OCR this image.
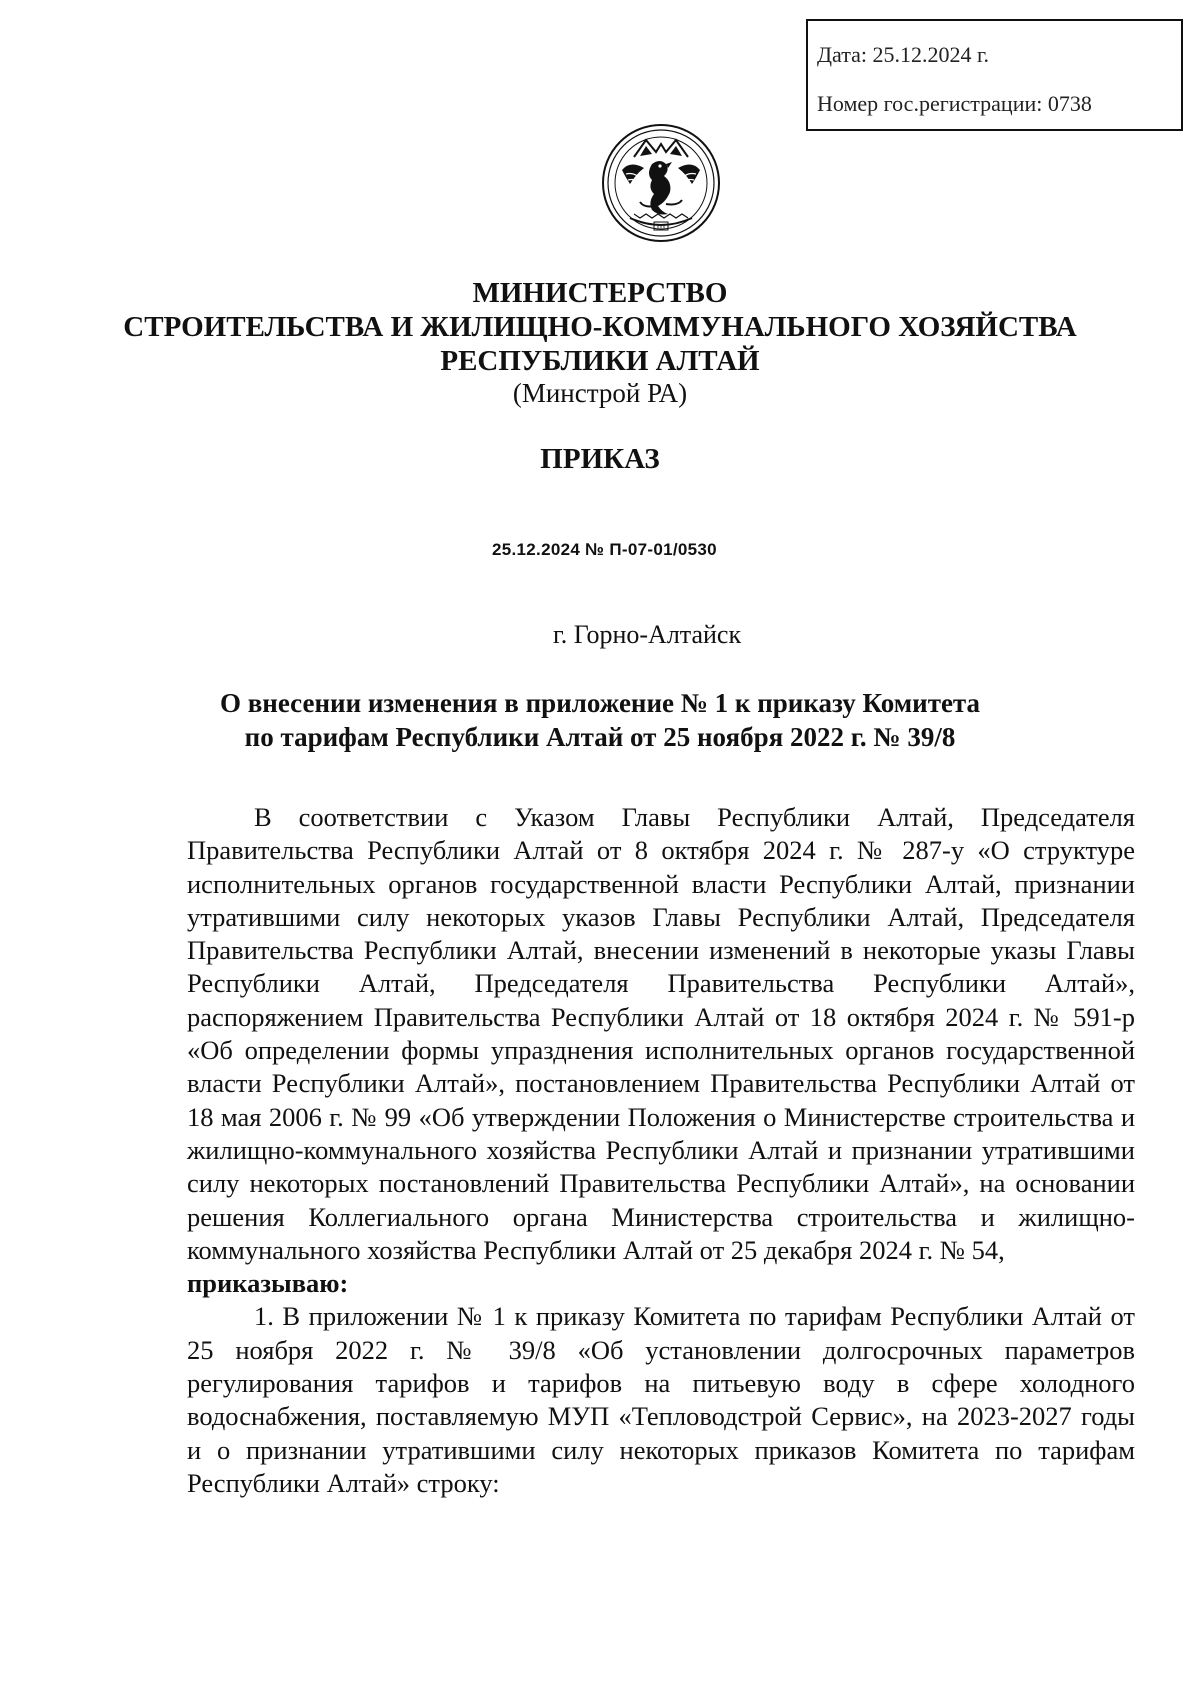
Дата: 25.12.2024 г.
Номер гос.регистрации: 0738
МИНИСТЕРСТВО
СТРОИТЕЛЬСТВА И ЖИЛИЩНО-КОММУНАЛЬНОГО ХОЗЯЙСТВА
РЕСПУБЛИКИ АЛТАЙ
(Минстрой РА)
ПРИКАЗ
25.12.2024 № П-07-01/0530
г. Горно-Алтайск
О внесении изменения в приложение № 1 к приказу Комитета
по тарифам Республики Алтай от 25 ноября 2022 г. № 39/8

В соответствии с Указом Главы Республики Алтай, Председателя Правительства Республики Алтай от 8 октября 2024 г. № 287-у «О структуре исполнительных органов государственной власти Республики Алтай, признании утратившими силу некоторых указов Главы Республики Алтай, Председателя Правительства Республики Алтай, внесении изменений в некоторые указы Главы Республики Алтай, Председателя Правительства Республики Алтай», распоряжением Правительства Республики Алтай от 18 октября 2024 г. № 591-р «Об определении формы упразднения исполнительных органов государственной власти Республики Алтай», постановлением Правительства Республики Алтай от 18 мая 2006 г. № 99 «Об утверждении Положения о Министерстве строительства и жилищно-коммунального хозяйства Республики Алтай и признании утратившими силу некоторых постановлений Правительства Республики Алтай», на основании решения Коллегиального органа Министерства строительства и жилищно-коммунального хозяйства Республики Алтай от 25 декабря 2024 г. № 54,

приказываю:

1. В приложении № 1 к приказу Комитета по тарифам Республики Алтай от 25 ноября 2022 г. № 39/8 «Об установлении долгосрочных параметров регулирования тарифов и тарифов на питьевую воду в сфере холодного водоснабжения, поставляемую МУП «Тепловодстрой Сервис», на 2023-2027 годы и о признании утратившими силу некоторых приказов Комитета по тарифам Республики Алтай» строку:
